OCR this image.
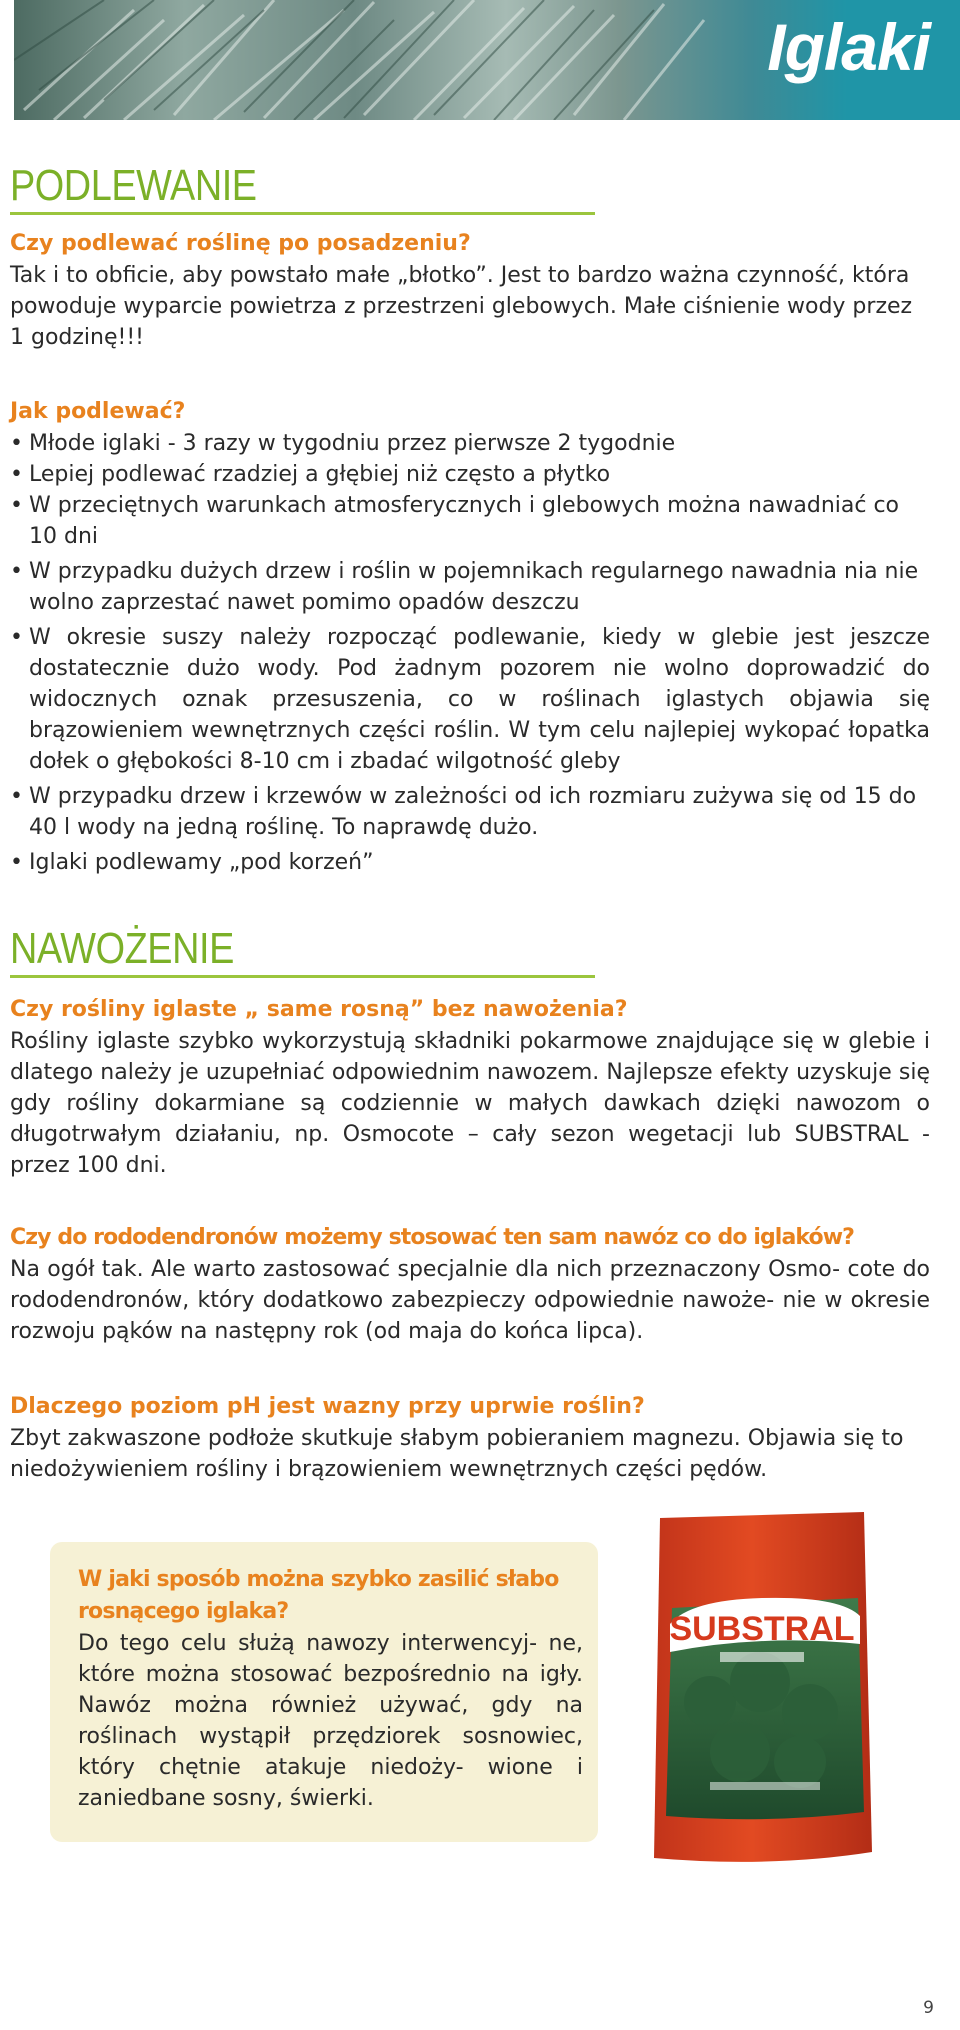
Iglaki
PODLEWANIE
Czy podlewać roślinę po posadzeniu?
Tak i to obficie, aby powstało małe „błotko”. Jest to bardzo ważna czynność, która powoduje wyparcie powietrza z przestrzeni glebowych. Małe ciśnienie wody przez 1 godzinę!!!
Jak podlewać?
• Młode iglaki - 3 razy w tygodniu przez pierwsze 2 tygodnie
• Lepiej podlewać rzadziej a głębiej niż często a płytko
• W przeciętnych warunkach atmosferycznych i glebowych można nawadniać co 10 dni
• W przypadku dużych drzew i roślin w pojemnikach regularnego nawadnia nia nie wolno zaprzestać nawet pomimo opadów deszczu
• W okresie suszy należy rozpocząć podlewanie, kiedy w glebie jest jeszcze dostatecznie dużo wody. Pod żadnym pozorem nie wolno doprowadzić do widocznych oznak przesuszenia, co w roślinach iglastych objawia się brązowieniem wewnętrznych części roślin. W tym celu najlepiej wykopać łopatka dołek o głębokości 8-10 cm i zbadać wilgotność gleby
• W przypadku drzew i krzewów w zależności od ich rozmiaru zużywa się od 15 do 40 l wody na jedną roślinę. To naprawdę dużo.
• Iglaki podlewamy „pod korzeń”
NAWOŻENIE
Czy rośliny iglaste „ same rosną” bez nawożenia?
Rośliny iglaste szybko wykorzystują składniki pokarmowe znajdujące się w glebie i dlatego należy je uzupełniać odpowiednim nawozem. Najlepsze efekty uzyskuje się gdy rośliny dokarmiane są codziennie w małych dawkach dzięki nawozom o długotrwałym działaniu, np. Osmocote – cały sezon wegetacji lub SUBSTRAL - przez 100 dni.
Czy do rododendronów możemy stosować ten sam nawóz co do iglaków?
Na ogół tak. Ale warto zastosować specjalnie dla nich przeznaczony Osmo- cote do rododendronów, który dodatkowo zabezpieczy odpowiednie nawoże- nie w okresie rozwoju pąków na następny rok (od maja do końca lipca).
Dlaczego poziom pH jest wazny przy uprwie roślin?
Zbyt zakwaszone podłoże skutkuje słabym pobieraniem magnezu. Objawia się to niedożywieniem rośliny i brązowieniem wewnętrznych części pędów.
W jaki sposób można szybko zasilić słabo rosnącego iglaka?
Do tego celu służą nawozy interwencyj- ne, które można stosować bezpośrednio na igły. Nawóz można również używać, gdy na roślinach wystąpił przędziorek sosnowiec, który chętnie atakuje niedoży- wione i zaniedbane sosny, świerki.
SUBSTRAL
9
